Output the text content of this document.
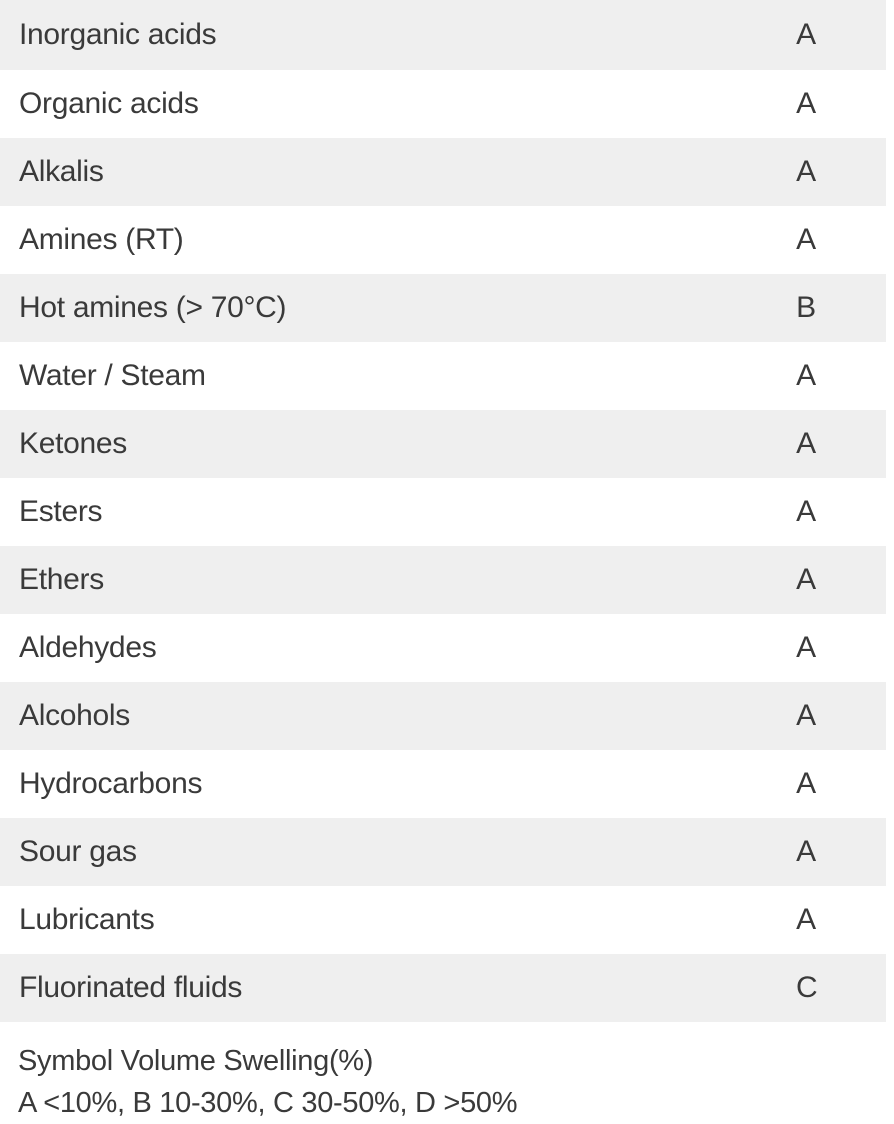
Inorganic acids	A
Organic acids	A
Alkalis	A
Amines (RT)	A
Hot amines (> 70°C)	B
Water / Steam	A
Ketones	A
Esters	A
Ethers	A
Aldehydes	A
Alcohols	A
Hydrocarbons	A
Sour gas	A
Lubricants	A
Fluorinated fluids	C
Symbol Volume Swelling(%)
A <10%, B 10-30%, C 30-50%, D >50%
